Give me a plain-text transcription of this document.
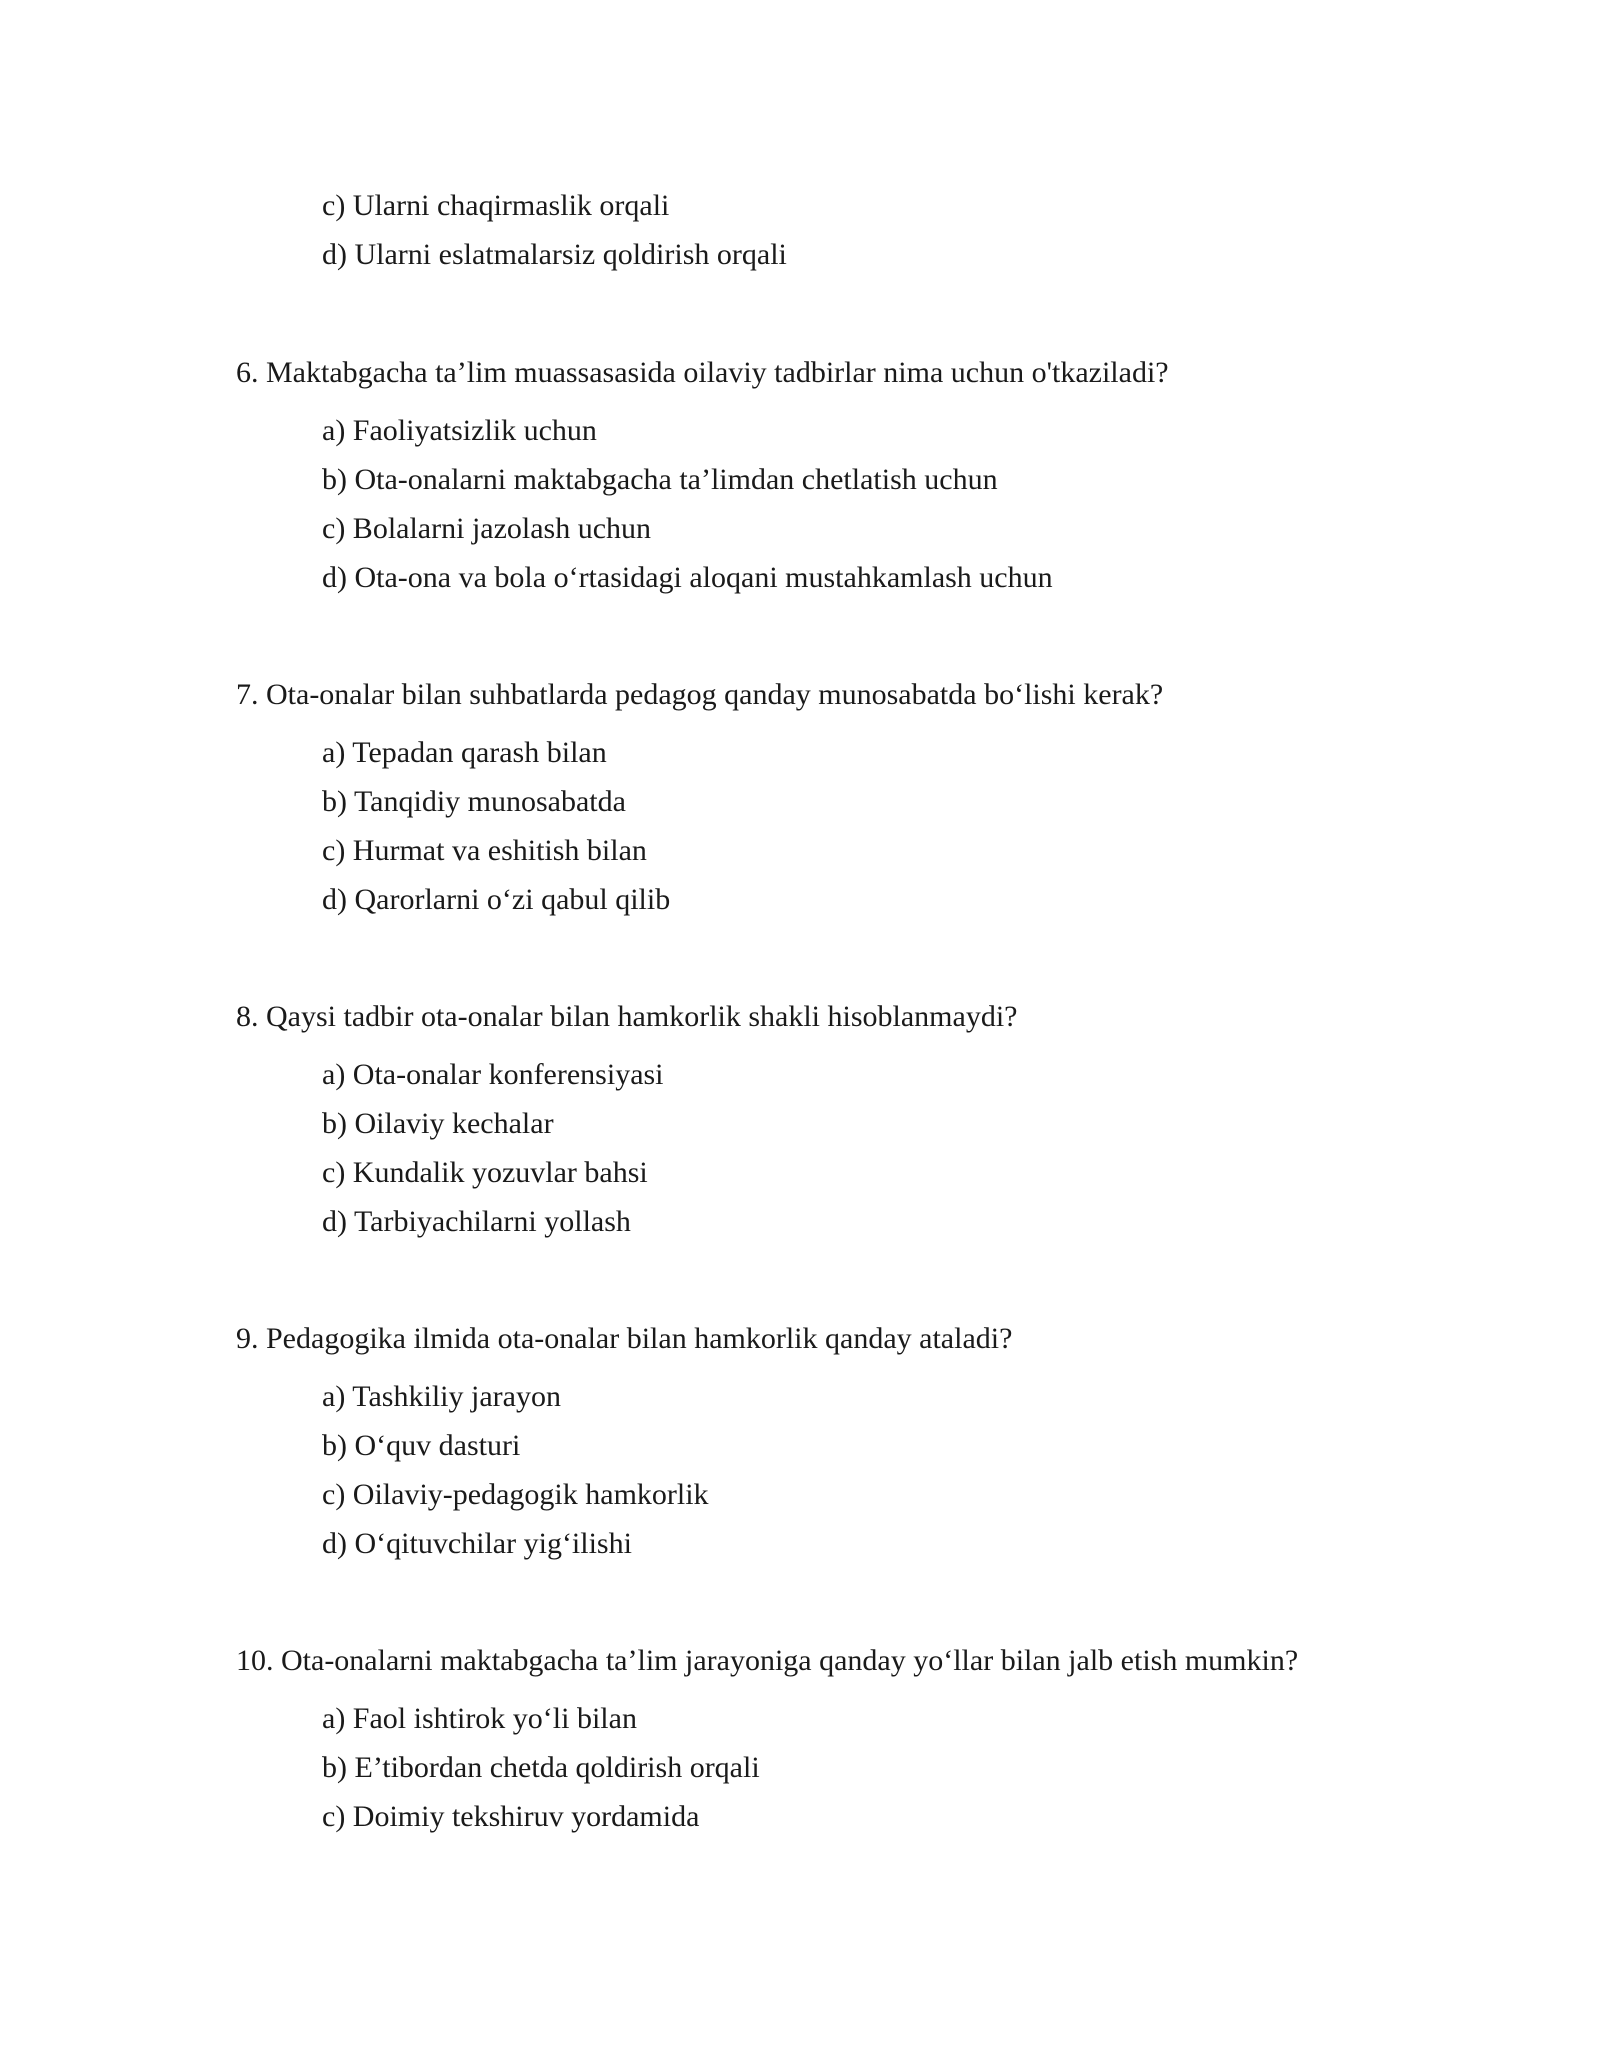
c) Ularni chaqirmaslik orqali
d) Ularni eslatmalarsiz qoldirish orqali
6. Maktabgacha ta’lim muassasasida oilaviy tadbirlar nima uchun o'tkaziladi?
a) Faoliyatsizlik uchun
b) Ota-onalarni maktabgacha ta’limdan chetlatish uchun
c) Bolalarni jazolash uchun
d) Ota-ona va bola o‘rtasidagi aloqani mustahkamlash uchun
7. Ota-onalar bilan suhbatlarda pedagog qanday munosabatda bo‘lishi kerak?
a) Tepadan qarash bilan
b) Tanqidiy munosabatda
c) Hurmat va eshitish bilan
d) Qarorlarni o‘zi qabul qilib
8. Qaysi tadbir ota-onalar bilan hamkorlik shakli hisoblanmaydi?
a) Ota-onalar konferensiyasi
b) Oilaviy kechalar
c) Kundalik yozuvlar bahsi
d) Tarbiyachilarni yollash
9. Pedagogika ilmida ota-onalar bilan hamkorlik qanday ataladi?
a) Tashkiliy jarayon
b) O‘quv dasturi
c) Oilaviy-pedagogik hamkorlik
d) O‘qituvchilar yig‘ilishi
10. Ota-onalarni maktabgacha ta’lim jarayoniga qanday yo‘llar bilan jalb etish mumkin?
a) Faol ishtirok yo‘li bilan
b) E’tibordan chetda qoldirish orqali
c) Doimiy tekshiruv yordamida
